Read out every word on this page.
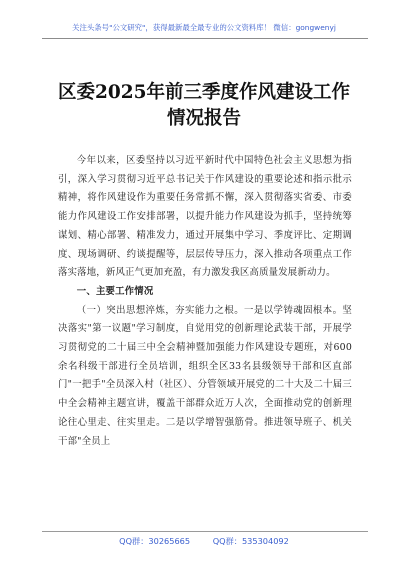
关注头条号"公文研究"，获得最新最全最专业的公文资料库！ 微信：gongwenyj
区委2025年前三季度作风建设工作情况报告

今年以来，区委坚持以习近平新时代中国特色社会主义思想为指引，深入学习贯彻习近平总书记关于作风建设的重要论述和指示批示精神，将作风建设作为重要任务常抓不懈，深入贯彻落实省委、市委能力作风建设工作安排部署，以提升能力作风建设为抓手，坚持统筹谋划、精心部署、精准发力，通过开展集中学习、季度评比、定期调度、现场调研、约谈提醒等，层层传导压力，深入推动各项重点工作落实落地，新风正气更加充盈，有力激发我区高质量发展新动力。

一、主要工作情况

（一）突出思想淬炼，夯实能力之根。一是以学铸魂固根本。坚决落实"第一议题"学习制度，自觉用党的创新理论武装干部，开展学习贯彻党的二十届三中全会精神暨加强能力作风建设专题班，对600余名科级干部进行全员培训，组织全区33名县级领导干部和区直部门"一把手"全员深入村（社区）、分管领域开展党的二十大及二十届三中全会精神主题宣讲，覆盖干部群众近万人次，全面推动党的创新理论往心里走、往实里走。二是以学增智强筋骨。推进领导班子、机关干部"全员上

QQ群：30265665	QQ群：535304092
